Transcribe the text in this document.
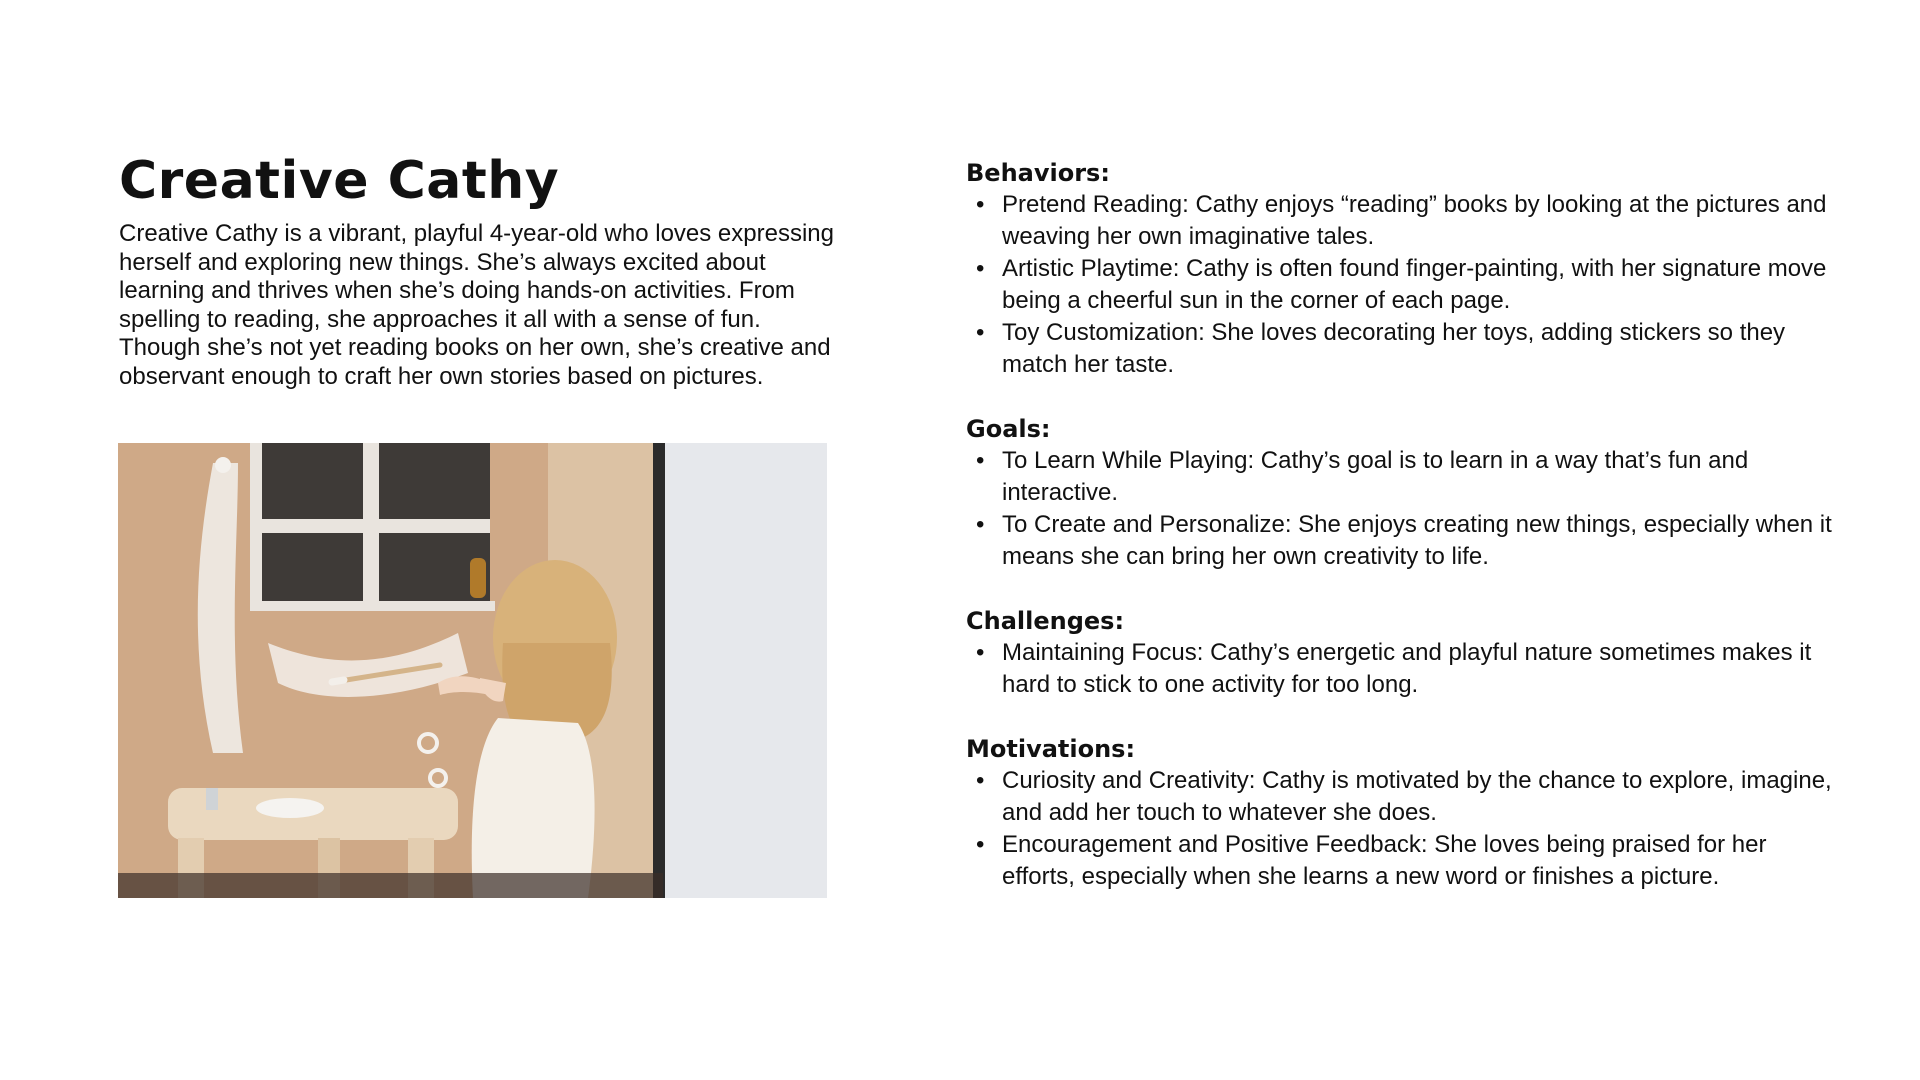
Creative Cathy

Creative Cathy is a vibrant, playful 4-year-old who loves expressing herself and exploring new things. She’s always excited about learning and thrives when she’s doing hands-on activities. From spelling to reading, she approaches it all with a sense of fun. Though she’s not yet reading books on her own, she’s creative and observant enough to craft her own stories based on pictures.

Behaviors:
• Pretend Reading: Cathy enjoys “reading” books by looking at the pictures and weaving her own imaginative tales.
• Artistic Playtime: Cathy is often found finger-painting, with her signature move being a cheerful sun in the corner of each page.
• Toy Customization: She loves decorating her toys, adding stickers so they match her taste.
Goals:
• To Learn While Playing: Cathy’s goal is to learn in a way that’s fun and interactive.
• To Create and Personalize: She enjoys creating new things, especially when it means she can bring her own creativity to life.
Challenges:
• Maintaining Focus: Cathy’s energetic and playful nature sometimes makes it hard to stick to one activity for too long.
Motivations:
• Curiosity and Creativity: Cathy is motivated by the chance to explore, imagine, and add her touch to whatever she does.
• Encouragement and Positive Feedback: She loves being praised for her efforts, especially when she learns a new word or finishes a picture.
